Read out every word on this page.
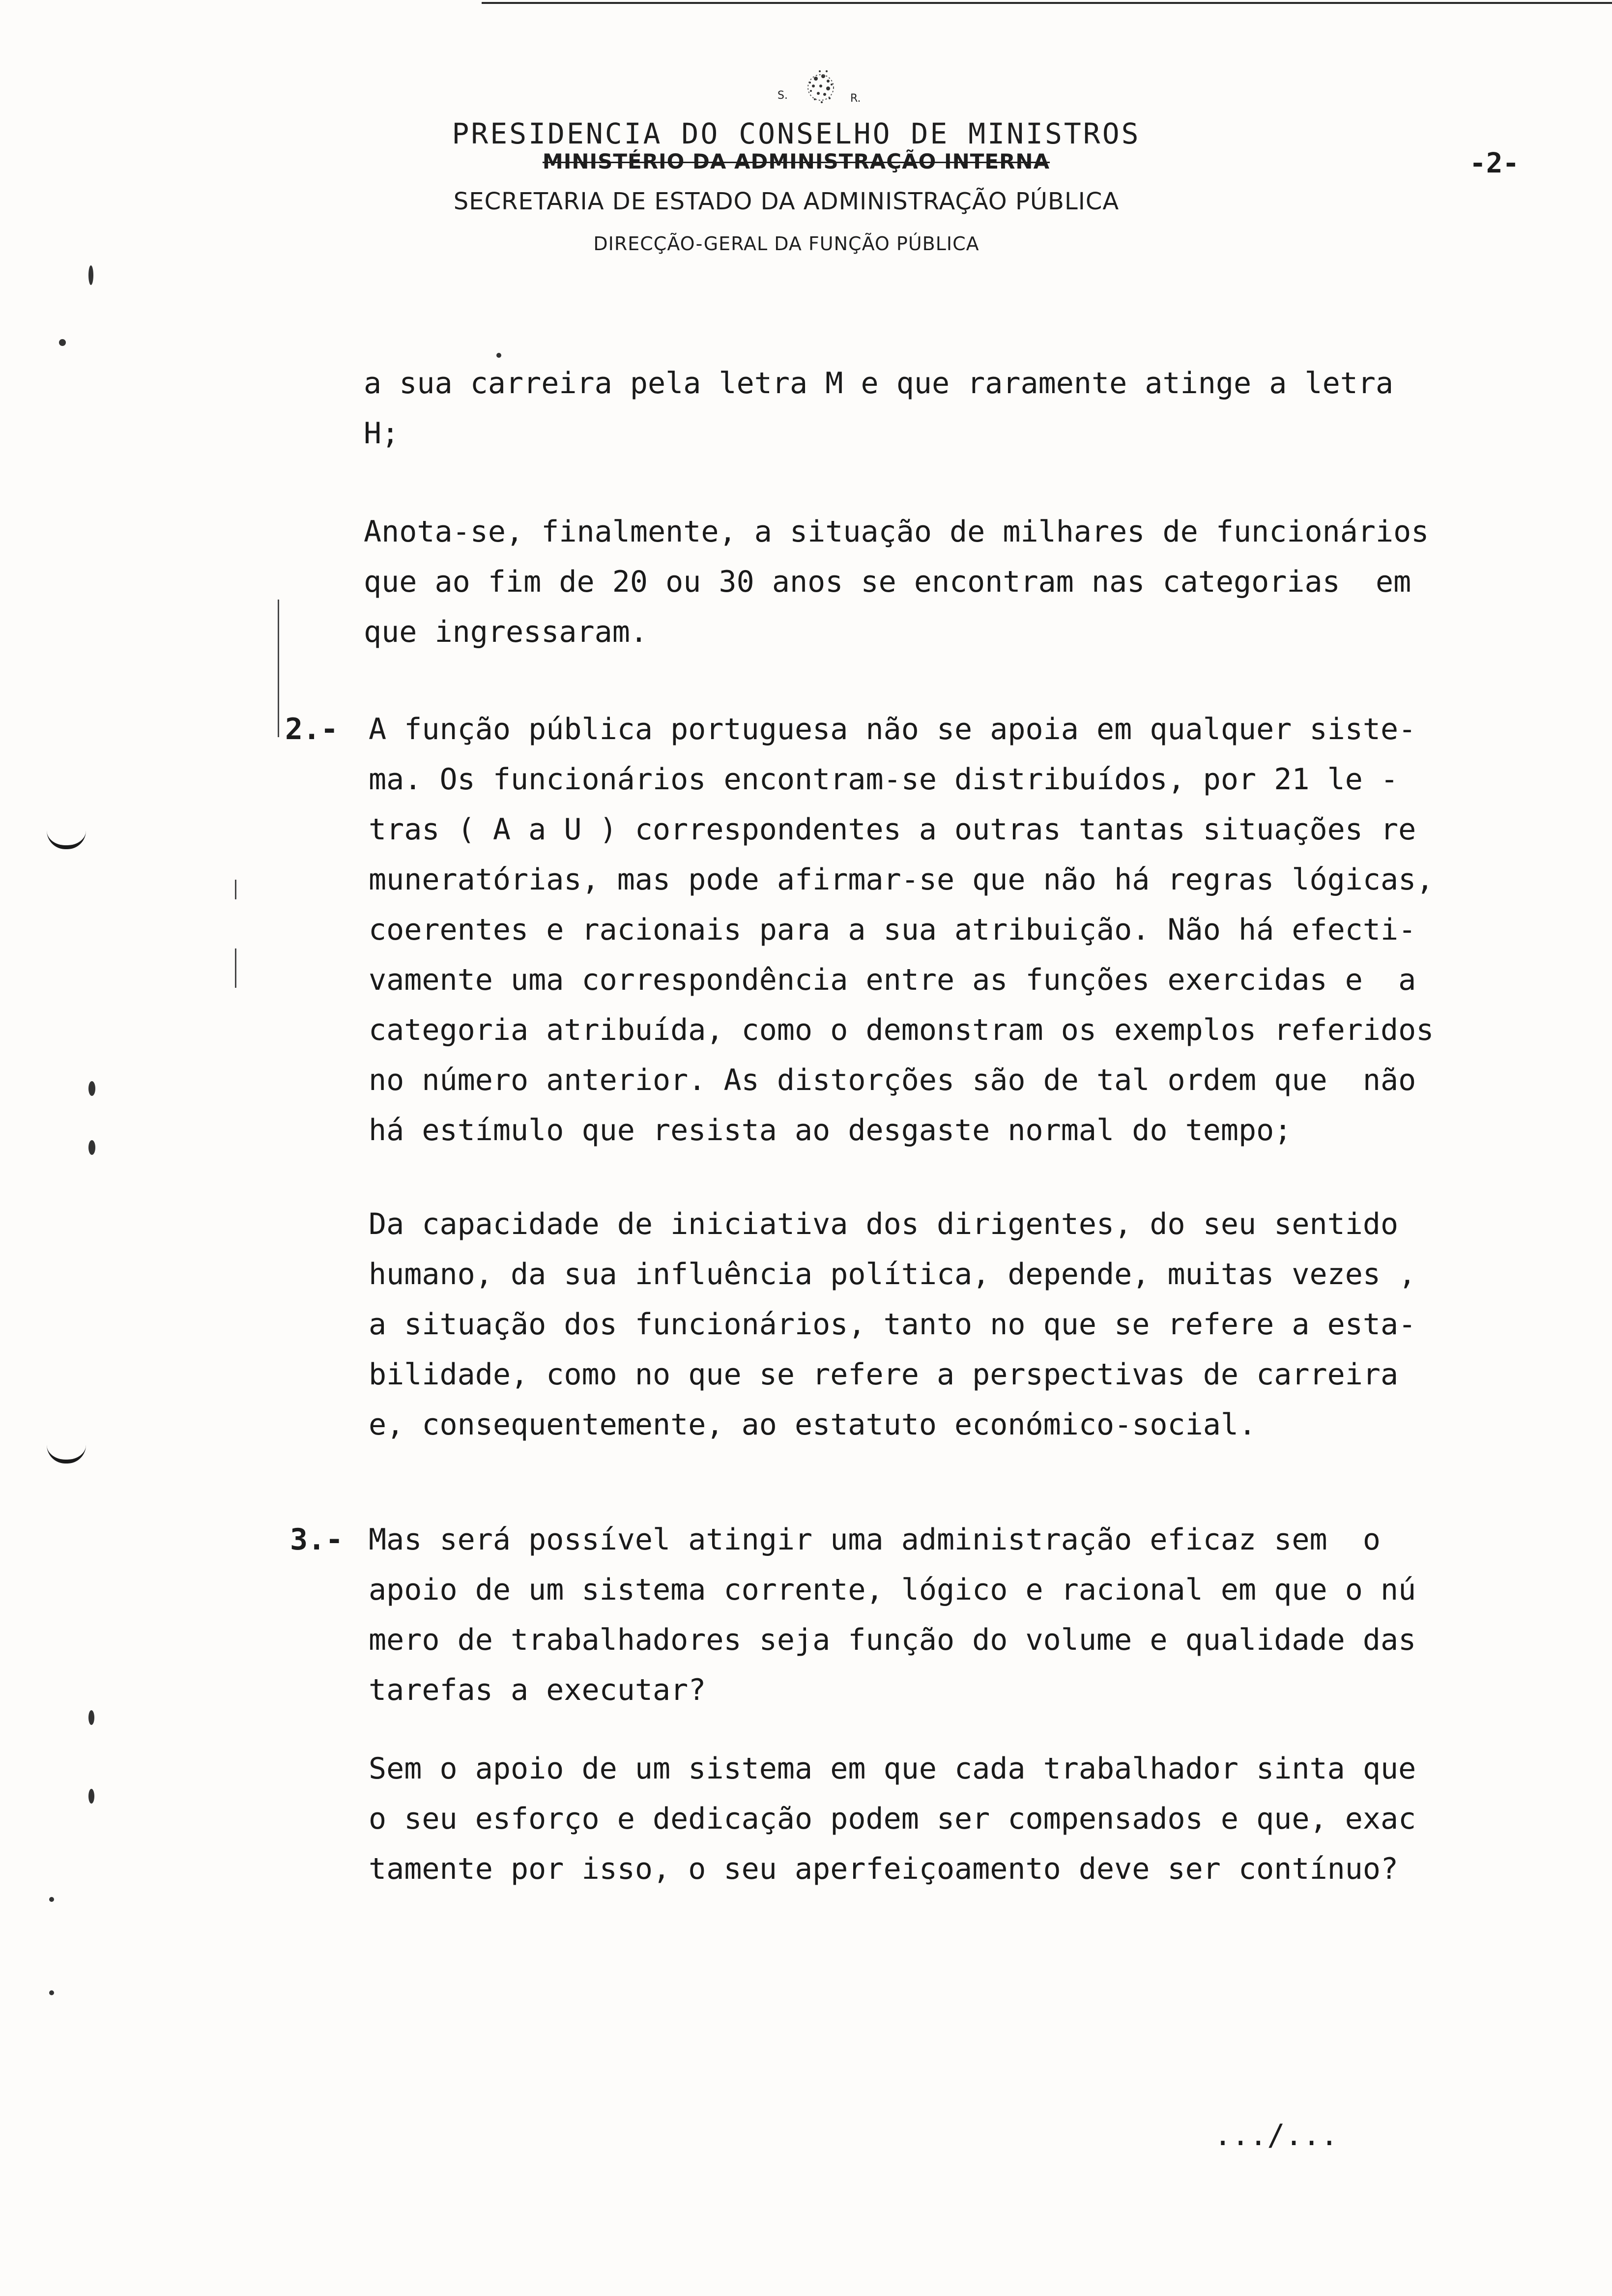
S.	R.
PRESIDENCIA DO CONSELHO DE MINISTROS
MINISTÉRIO DA ADMINISTRAÇÃO INTERNA
SECRETARIA DE ESTADO DA ADMINISTRAÇÃO PÚBLICA
DIRECÇÃO-GERAL DA FUNÇÃO PÚBLICA
-2-

a sua carreira pela letra M e que raramente atinge a letra
H;

Anota-se, finalmente, a situação de milhares de funcionários
que ao fim de 20 ou 30 anos se encontram nas categorias  em
que ingressaram.

2.- A função pública portuguesa não se apoia em qualquer siste-
ma. Os funcionários encontram-se distribuídos, por 21 le -
tras ( A a U ) correspondentes a outras tantas situações re
muneratórias, mas pode afirmar-se que não há regras lógicas,
coerentes e racionais para a sua atribuição. Não há efecti-
vamente uma correspondência entre as funções exercidas e  a
categoria atribuída, como o demonstram os exemplos referidos
no número anterior. As distorções são de tal ordem que  não
há estímulo que resista ao desgaste normal do tempo;

Da capacidade de iniciativa dos dirigentes, do seu sentido
humano, da sua influência política, depende, muitas vezes ,
a situação dos funcionários, tanto no que se refere a esta-
bilidade, como no que se refere a perspectivas de carreira
e, consequentemente, ao estatuto económico-social.

3.- Mas será possível atingir uma administração eficaz sem  o
apoio de um sistema corrente, lógico e racional em que o nú
mero de trabalhadores seja função do volume e qualidade das
tarefas a executar?

Sem o apoio de um sistema em que cada trabalhador sinta que
o seu esforço e dedicação podem ser compensados e que, exac
tamente por isso, o seu aperfeiçoamento deve ser contínuo?

.../...
